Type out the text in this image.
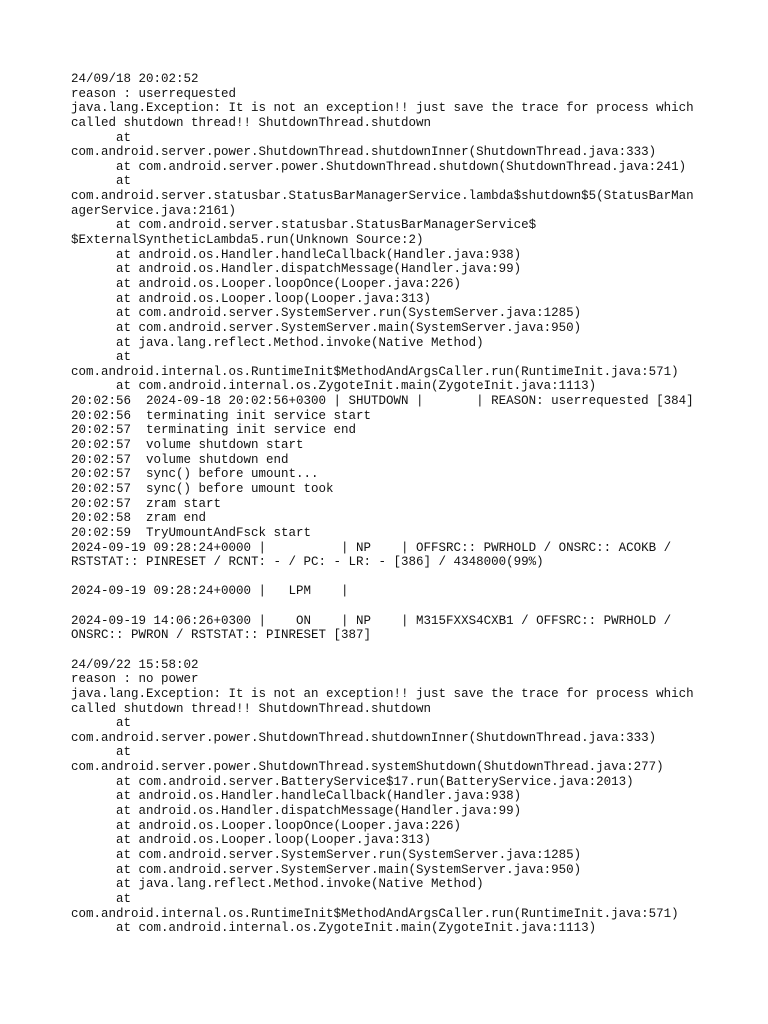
24/09/18 20:02:52
reason : userrequested
java.lang.Exception: It is not an exception!! just save the trace for process which
called shutdown thread!! ShutdownThread.shutdown
at
com.android.server.power.ShutdownThread.shutdownInner(ShutdownThread.java:333)
at com.android.server.power.ShutdownThread.shutdown(ShutdownThread.java:241)
at
com.android.server.statusbar.StatusBarManagerService.lambda$shutdown$5(StatusBarMan
agerService.java:2161)
at com.android.server.statusbar.StatusBarManagerService$
$ExternalSyntheticLambda5.run(Unknown Source:2)
at android.os.Handler.handleCallback(Handler.java:938)
at android.os.Handler.dispatchMessage(Handler.java:99)
at android.os.Looper.loopOnce(Looper.java:226)
at android.os.Looper.loop(Looper.java:313)
at com.android.server.SystemServer.run(SystemServer.java:1285)
at com.android.server.SystemServer.main(SystemServer.java:950)
at java.lang.reflect.Method.invoke(Native Method)
at
com.android.internal.os.RuntimeInit$MethodAndArgsCaller.run(RuntimeInit.java:571)
at com.android.internal.os.ZygoteInit.main(ZygoteInit.java:1113)
20:02:56  2024-09-18 20:02:56+0300 | SHUTDOWN |       | REASON: userrequested [384]
20:02:56  terminating init service start
20:02:57  terminating init service end
20:02:57  volume shutdown start
20:02:57  volume shutdown end
20:02:57  sync() before umount...
20:02:57  sync() before umount took
20:02:57  zram start
20:02:58  zram end
20:02:59  TryUmountAndFsck start
2024-09-19 09:28:24+0000 |          | NP    | OFFSRC:: PWRHOLD / ONSRC:: ACOKB /
RSTSTAT:: PINRESET / RCNT: - / PC: - LR: - [386] / 4348000(99%)
2024-09-19 09:28:24+0000 |   LPM    |
2024-09-19 14:06:26+0300 |    ON    | NP    | M315FXXS4CXB1 / OFFSRC:: PWRHOLD /
ONSRC:: PWRON / RSTSTAT:: PINRESET [387]
24/09/22 15:58:02
reason : no power
java.lang.Exception: It is not an exception!! just save the trace for process which
called shutdown thread!! ShutdownThread.shutdown
at
com.android.server.power.ShutdownThread.shutdownInner(ShutdownThread.java:333)
at
com.android.server.power.ShutdownThread.systemShutdown(ShutdownThread.java:277)
at com.android.server.BatteryService$17.run(BatteryService.java:2013)
at android.os.Handler.handleCallback(Handler.java:938)
at android.os.Handler.dispatchMessage(Handler.java:99)
at android.os.Looper.loopOnce(Looper.java:226)
at android.os.Looper.loop(Looper.java:313)
at com.android.server.SystemServer.run(SystemServer.java:1285)
at com.android.server.SystemServer.main(SystemServer.java:950)
at java.lang.reflect.Method.invoke(Native Method)
at
com.android.internal.os.RuntimeInit$MethodAndArgsCaller.run(RuntimeInit.java:571)
at com.android.internal.os.ZygoteInit.main(ZygoteInit.java:1113)
